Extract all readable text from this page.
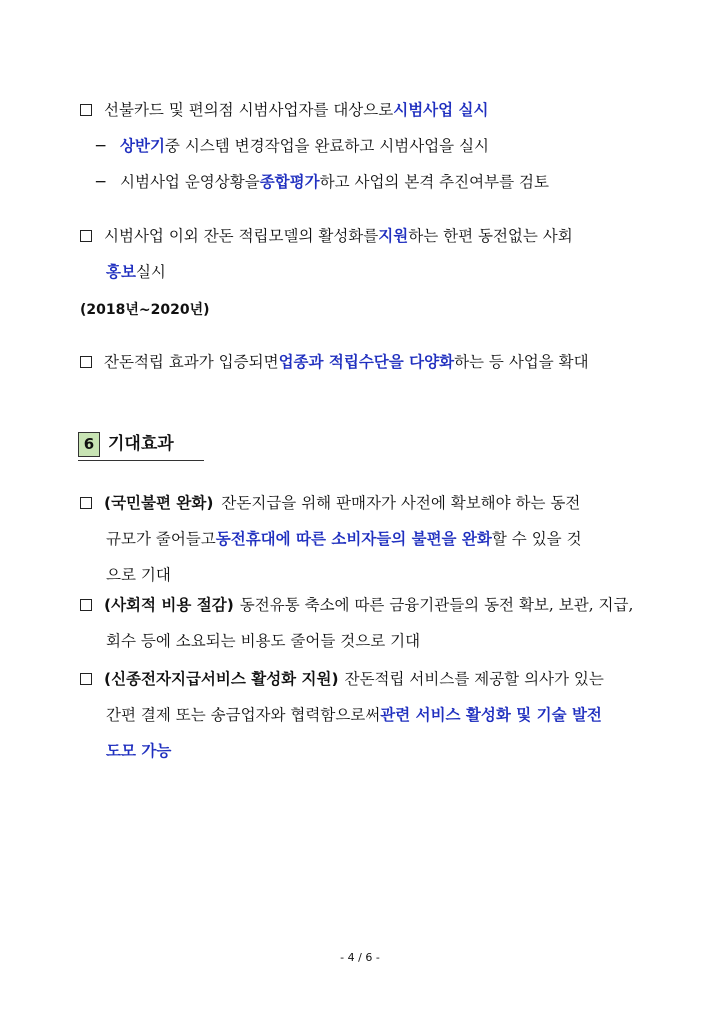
선불카드 및 편의점 시범사업자를 대상으로 시범사업 실시
─ 상반기 중 시스템 변경작업을 완료하고 시범사업을 실시
─ 시범사업 운영상황을 종합평가 하고 사업의 본격 추진여부를 검토
시범사업 이외 잔돈 적립모델의 활성화를 지원 하는 한편 동전없는 사회
홍보 실시
(2018년~2020년)
잔돈적립 효과가 입증되면 업종과 적립수단을 다양화 하는 등 사업을 확대
6 기대효과
(국민불편 완화) 잔돈지급을 위해 판매자가 사전에 확보해야 하는 동전
규모가 줄어들고 동전휴대에 따른 소비자들의 불편을 완화 할 수 있을 것
으로 기대
(사회적 비용 절감) 동전유통 축소에 따른 금융기관들의 동전 확보, 보관, 지급,
회수 등에 소요되는 비용도 줄어들 것으로 기대
(신종전자지급서비스 활성화 지원) 잔돈적립 서비스를 제공할 의사가 있는
간편 결제 또는 송금업자와 협력함으로써 관련 서비스 활성화 및 기술 발전
도모 가능
- 4 / 6 -
